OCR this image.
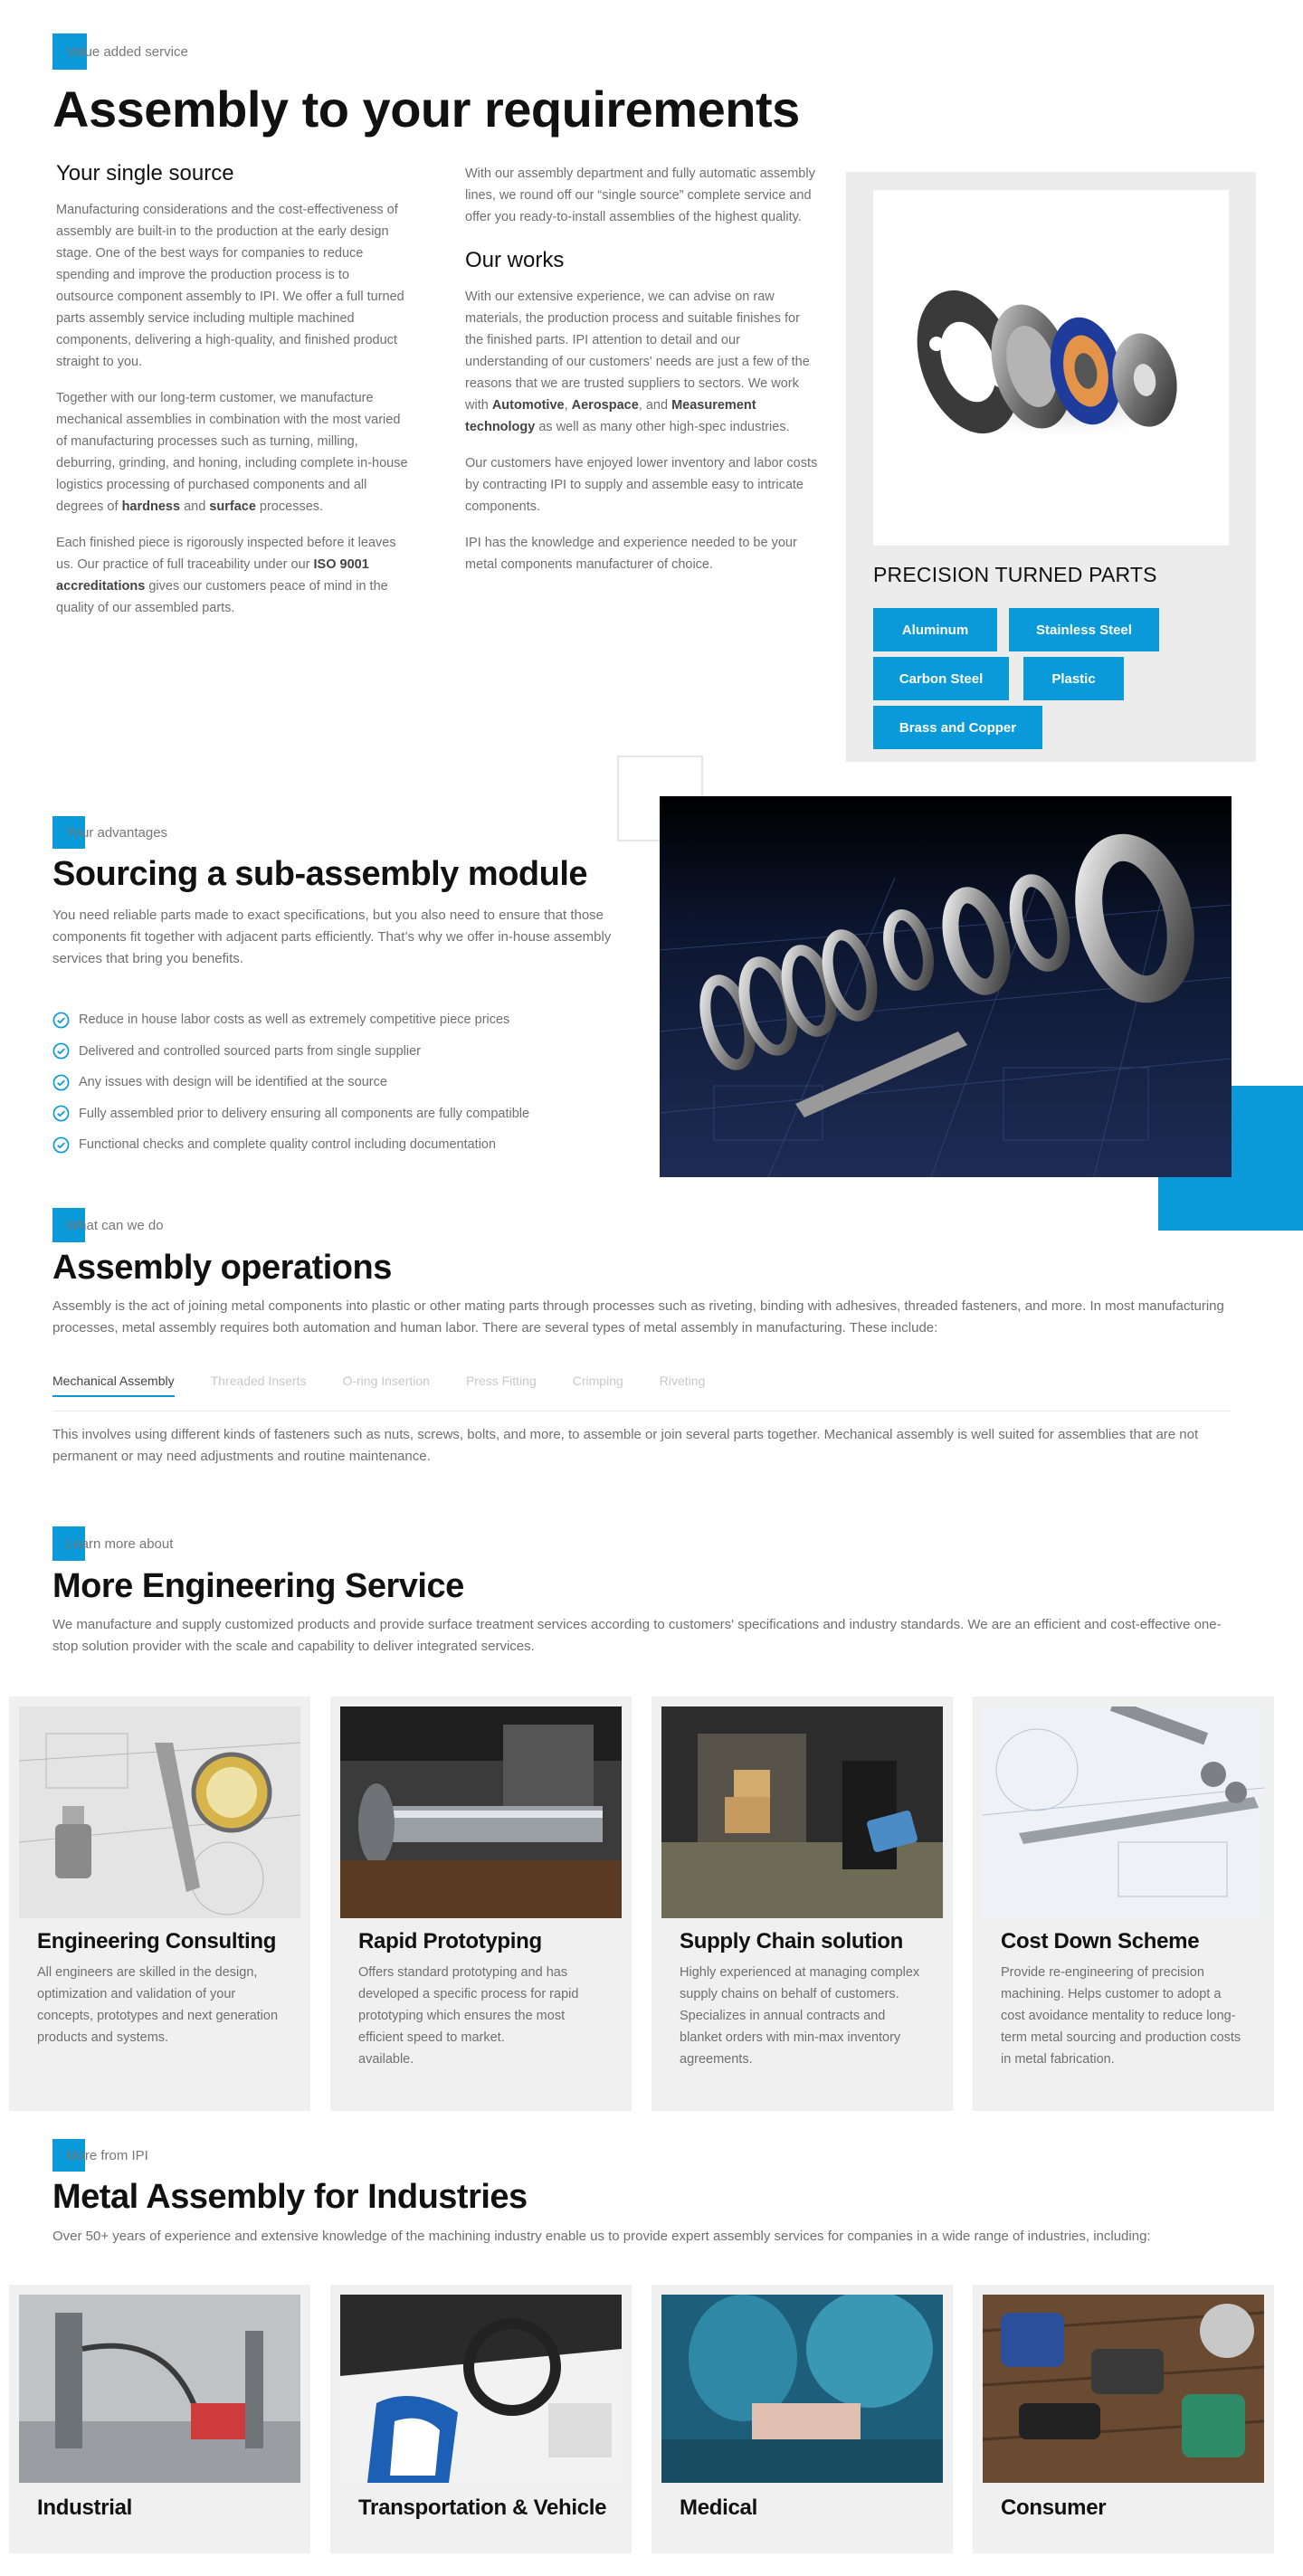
Value added service
Assembly to your requirements
Your single source

Manufacturing considerations and the cost-effectiveness of assembly are built-in to the production at the early design stage. One of the best ways for companies to reduce spending and improve the production process is to outsource component assembly to IPI. We offer a full turned parts assembly service including multiple machined components, delivering a high-quality, and finished product straight to you.

Together with our long-term customer, we manufacture mechanical assemblies in combination with the most varied of manufacturing processes such as turning, milling, deburring, grinding, and honing, including complete in-house logistics processing of purchased components and all degrees of hardness and surface processes.

Each finished piece is rigorously inspected before it leaves us. Our practice of full traceability under our ISO 9001 accreditations gives our customers peace of mind in the quality of our assembled parts.

With our assembly department and fully automatic assembly lines, we round off our “single source” complete service and offer you ready-to-install assemblies of the highest quality.

Our works

With our extensive experience, we can advise on raw materials, the production process and suitable finishes for the finished parts. IPI attention to detail and our understanding of our customers' needs are just a few of the reasons that we are trusted suppliers to sectors. We work with Automotive, Aerospace, and Measurement technology as well as many other high-spec industries.

Our customers have enjoyed lower inventory and labor costs by contracting IPI to supply and assemble easy to intricate components.

IPI has the knowledge and experience needed to be your metal components manufacturer of choice.	PRECISION TURNED PARTS
Aluminum	Stainless Steel
Carbon Steel	Plastic
Brass and Copper
Your advantages
Sourcing a sub-assembly module
You need reliable parts made to exact specifications, but you also need to ensure that those components fit together with adjacent parts efficiently. That’s why we offer in-house assembly services that bring you benefits.
Reduce in house labor costs as well as extremely competitive piece prices
Delivered and controlled sourced parts from single supplier
Any issues with design will be identified at the source
Fully assembled prior to delivery ensuring all components are fully compatible
Functional checks and complete quality control including documentation
What can we do
Assembly operations
Assembly is the act of joining metal components into plastic or other mating parts through processes such as riveting, binding with adhesives, threaded fasteners, and more. In most manufacturing processes, metal assembly requires both automation and human labor. There are several types of metal assembly in manufacturing. These include:
Mechanical Assembly	Threaded Inserts	O-ring Insertion	Press Fitting	Crimping	Riveting
This involves using different kinds of fasteners such as nuts, screws, bolts, and more, to assemble or join several parts together. Mechanical assembly is well suited for assemblies that are not permanent or may need adjustments and routine maintenance.
Learn more about
More Engineering Service
We manufacture and supply customized products and provide surface treatment services according to customers' specifications and industry standards. We are an efficient and cost-effective one-stop solution provider with the scale and capability to deliver integrated services.
Engineering Consulting

All engineers are skilled in the design, optimization and validation of your concepts, prototypes and next generation products and systems.

Rapid Prototyping

Offers standard prototyping and has developed a specific process for rapid prototyping which ensures the most efficient speed to market.
available.

Supply Chain solution

Highly experienced at managing complex supply chains on behalf of customers. Specializes in annual contracts and blanket orders with min-max inventory agreements.

Cost Down Scheme

Provide re-engineering of precision machining. Helps customer to adopt a cost avoidance mentality to reduce long-term metal sourcing and production costs in metal fabrication.

More from IPI
Metal Assembly for Industries
Over 50+ years of experience and extensive knowledge of the machining industry enable us to provide expert assembly services for companies in a wide range of industries, including:
Industrial	Transportation & Vehicle	Medical	Consumer
